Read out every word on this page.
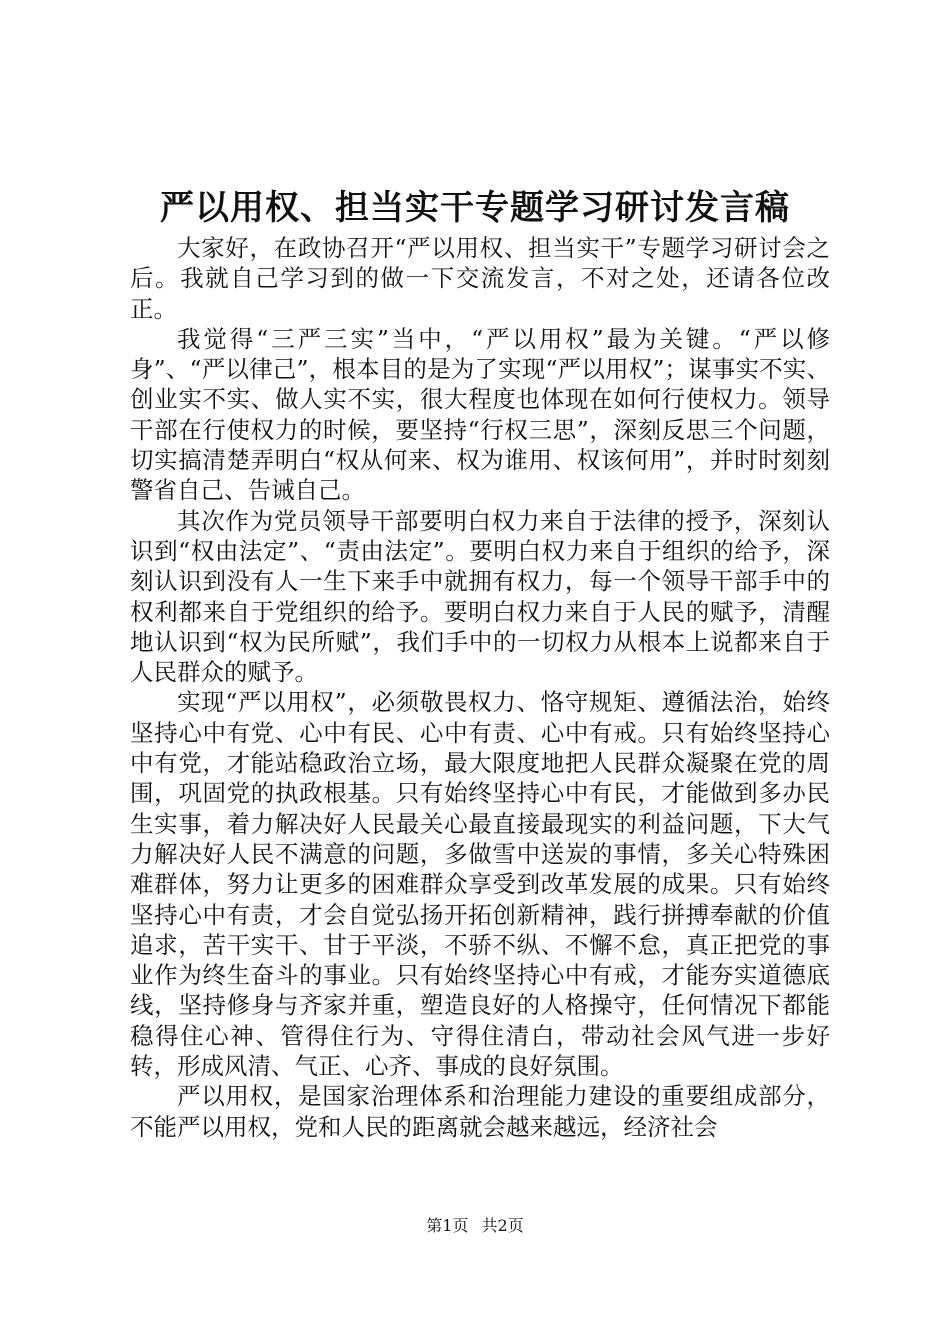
严以用权、担当实干专题学习研讨发言稿

大家好，在政协召开“严以用权、担当实干”专题学习研讨会之后。我就自己学习到的做一下交流发言，不对之处，还请各位改正。

我觉得“三严三实”当中，“严以用权”最为关键。“严以修身”、“严以律己”，根本目的是为了实现“严以用权”；谋事实不实、创业实不实、做人实不实，很大程度也体现在如何行使权力。领导干部在行使权力的时候，要坚持“行权三思”，深刻反思三个问题，切实搞清楚弄明白“权从何来、权为谁用、权该何用”，并时时刻刻警省自己、告诫自己。

其次作为党员领导干部要明白权力来自于法律的授予，深刻认识到“权由法定”、“责由法定”。要明白权力来自于组织的给予，深刻认识到没有人一生下来手中就拥有权力，每一个领导干部手中的权利都来自于党组织的给予。要明白权力来自于人民的赋予，清醒地认识到“权为民所赋”，我们手中的一切权力从根本上说都来自于人民群众的赋予。

实现“严以用权”，必须敬畏权力、恪守规矩、遵循法治，始终坚持心中有党、心中有民、心中有责、心中有戒。只有始终坚持心中有党，才能站稳政治立场，最大限度地把人民群众凝聚在党的周围，巩固党的执政根基。只有始终坚持心中有民，才能做到多办民生实事，着力解决好人民最关心最直接最现实的利益问题，下大气力解决好人民不满意的问题，多做雪中送炭的事情，多关心特殊困难群体，努力让更多的困难群众享受到改革发展的成果。只有始终坚持心中有责，才会自觉弘扬开拓创新精神，践行拼搏奉献的价值追求，苦干实干、甘于平淡，不骄不纵、不懈不怠，真正把党的事业作为终生奋斗的事业。只有始终坚持心中有戒，才能夯实道德底线，坚持修身与齐家并重，塑造良好的人格操守，任何情况下都能稳得住心神、管得住行为、守得住清白，带动社会风气进一步好转，形成风清、气正、心齐、事成的良好氛围。

严以用权，是国家治理体系和治理能力建设的重要组成部分，不能严以用权，党和人民的距离就会越来越远，经济社会

第1页 共2页
